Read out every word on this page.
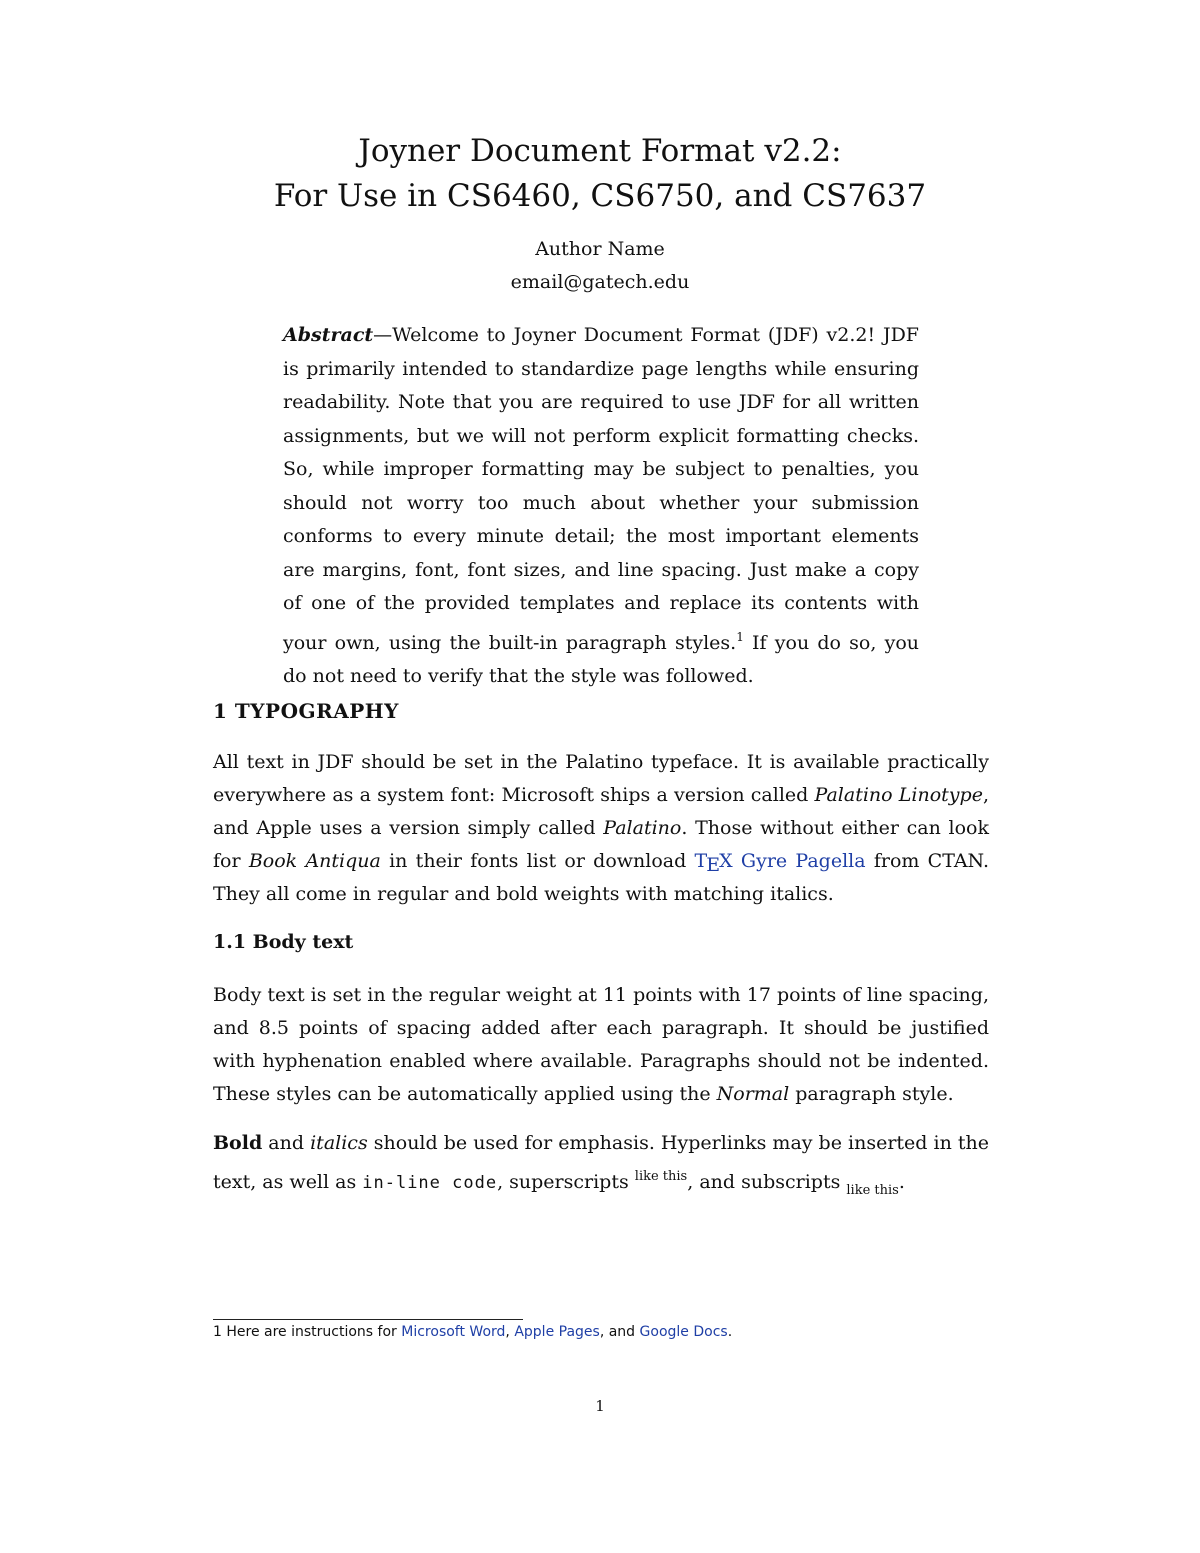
Joyner Document Format v2.2:
For Use in CS6460, CS6750, and CS7637
Author Name
email@gatech.edu
Abstract—Welcome to Joyner Document Format (JDF) v2.2! JDF is primarily intended to standardize page lengths while ensuring readability. Note that you are required to use JDF for all written assignments, but we will not perform explicit formatting checks. So, while improper formatting may be subject to penalties, you should not worry too much about whether your submission conforms to every minute detail; the most important elements are margins, font, font sizes, and line spacing. Just make a copy of one of the provided templates and replace its contents with your own, using the built-in paragraph styles.$^1$ If you do so, you do not need to verify that the style was followed.
1 TYPOGRAPHY
All text in JDF should be set in the Palatino typeface. It is available practically everywhere as a system font: Microsoft ships a version called Palatino Linotype, and Apple uses a version simply called Palatino. Those without either can look for Book Antiqua in their fonts list or download TEX Gyre Pagella from CTAN. They all come in regular and bold weights with matching italics.
1.1 Body text
Body text is set in the regular weight at 11 points with 17 points of line spacing, and 8.5 points of spacing added after each paragraph. It should be justified with hyphenation enabled where available. Paragraphs should not be indented. These styles can be automatically applied using the Normal paragraph style.
Bold and italics should be used for emphasis. Hyperlinks may be inserted in the text, as well as in-line code, superscripts $^{like this}$, and subscripts $_{like this}$.
1 Here are instructions for Microsoft Word, Apple Pages, and Google Docs.
1
